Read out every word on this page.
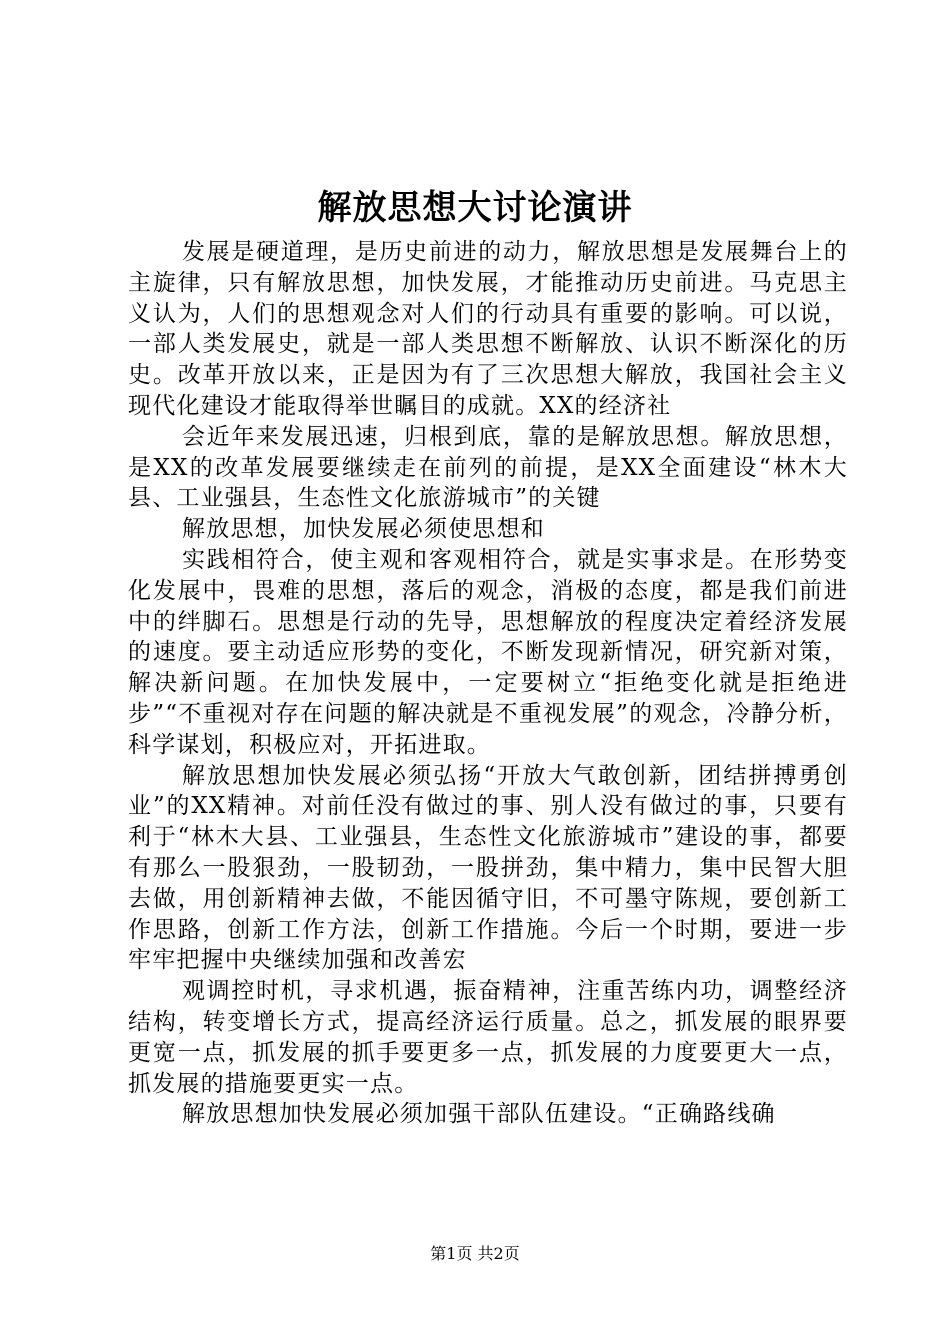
解放思想大讨论演讲

发展是硬道理，是历史前进的动力，解放思想是发展舞台上的主旋律，只有解放思想，加快发展，才能推动历史前进。马克思主义认为，人们的思想观念对人们的行动具有重要的影响。可以说，一部人类发展史，就是一部人类思想不断解放、认识不断深化的历史。改革开放以来，正是因为有了三次思想大解放，我国社会主义现代化建设才能取得举世瞩目的成就。XX的经济社

会近年来发展迅速，归根到底，靠的是解放思想。解放思想，是XX的改革发展要继续走在前列的前提，是XX全面建设“林木大县、工业强县，生态性文化旅游城市”的关键

解放思想，加快发展必须使思想和

实践相符合，使主观和客观相符合，就是实事求是。在形势变化发展中，畏难的思想，落后的观念，消极的态度，都是我们前进中的绊脚石。思想是行动的先导，思想解放的程度决定着经济发展的速度。要主动适应形势的变化，不断发现新情况，研究新对策，解决新问题。在加快发展中，一定要树立“拒绝变化就是拒绝进步”“不重视对存在问题的解决就是不重视发展”的观念，冷静分析，科学谋划，积极应对，开拓进取。

解放思想加快发展必须弘扬“开放大气敢创新，团结拼搏勇创业”的XX精神。对前任没有做过的事、别人没有做过的事，只要有利于“林木大县、工业强县，生态性文化旅游城市”建设的事，都要有那么一股狠劲，一股韧劲，一股拼劲，集中精力，集中民智大胆去做，用创新精神去做，不能因循守旧，不可墨守陈规，要创新工作思路，创新工作方法，创新工作措施。今后一个时期，要进一步牢牢把握中央继续加强和改善宏

观调控时机，寻求机遇，振奋精神，注重苦练内功，调整经济结构，转变增长方式，提高经济运行质量。总之，抓发展的眼界要更宽一点，抓发展的抓手要更多一点，抓发展的力度要更大一点，抓发展的措施要更实一点。

解放思想加快发展必须加强干部队伍建设。“正确路线确

第1页 共2页
